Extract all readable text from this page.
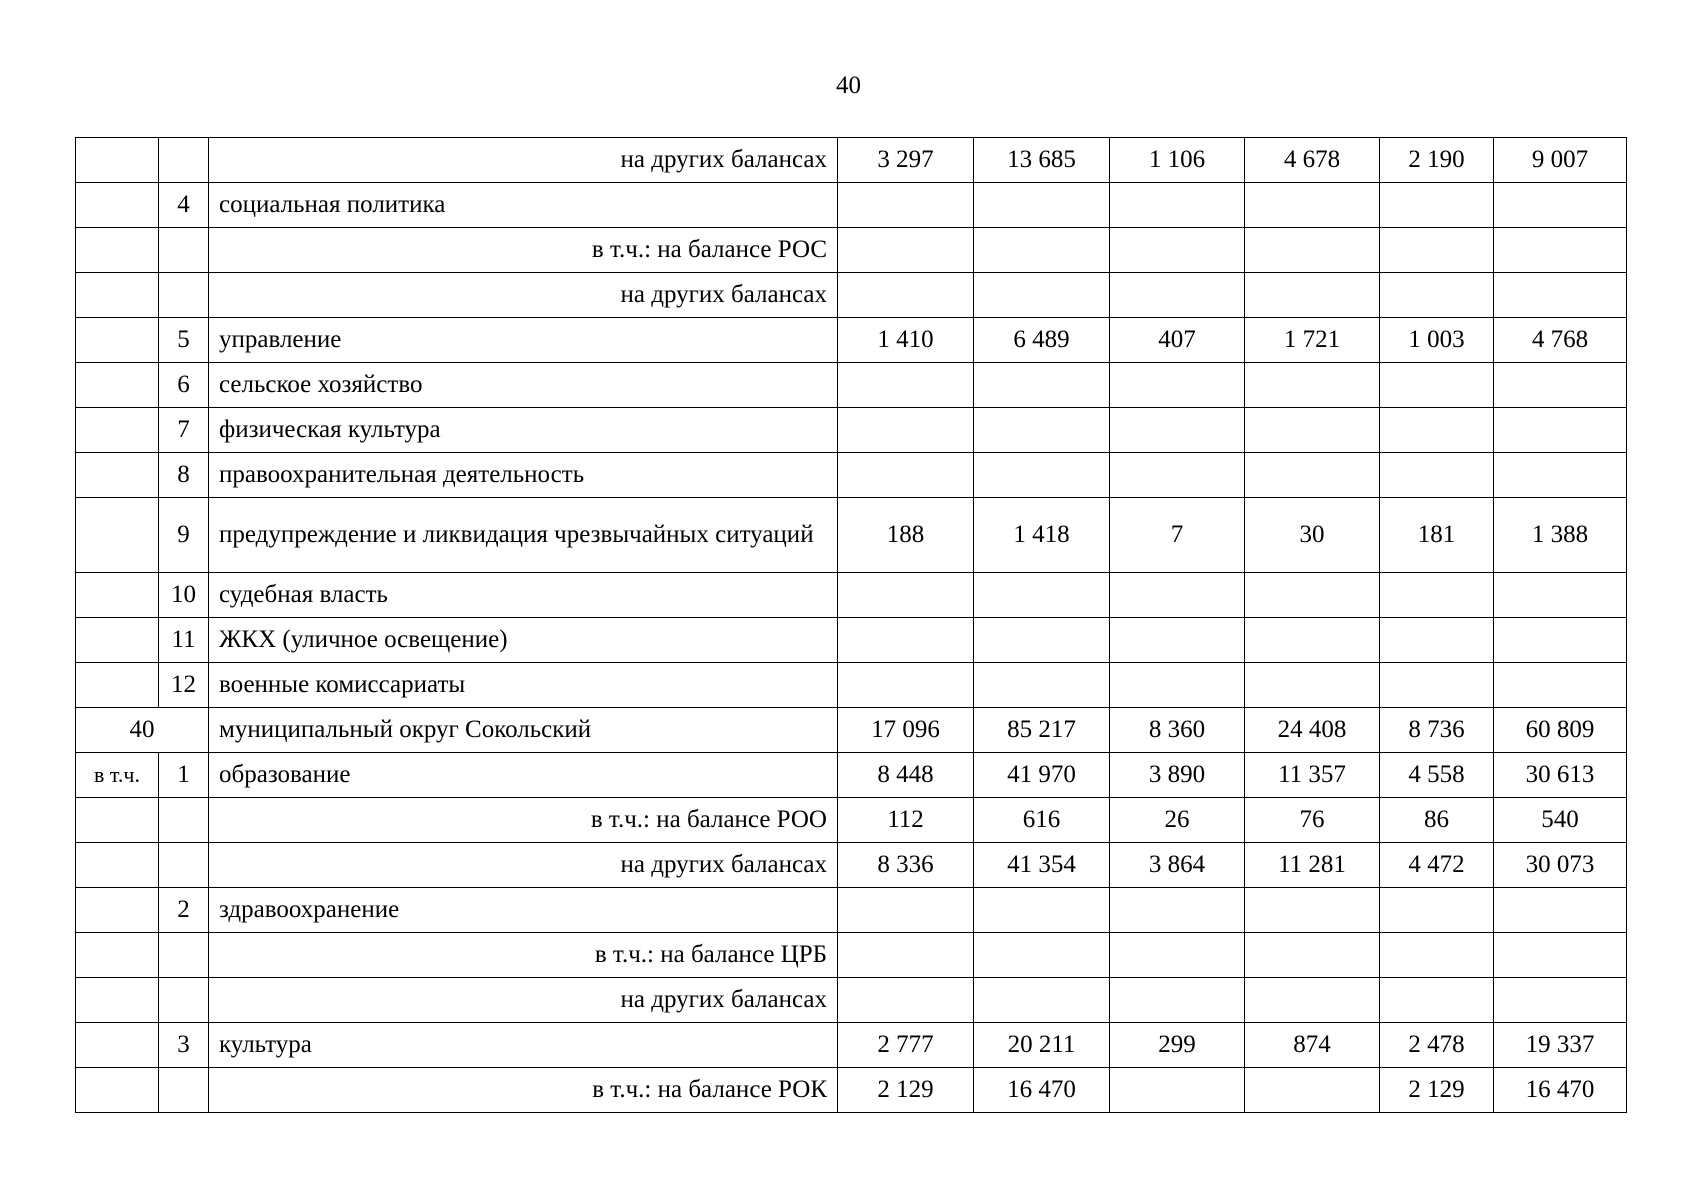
40
		на других балансах	3 297	13 685	1 106	4 678	2 190	9 007
	4	социальная политика						
		в т.ч.: на балансе РОС						
		на других балансах						
	5	управление	1 410	6 489	407	1 721	1 003	4 768
	6	сельское хозяйство						
	7	физическая культура						
	8	правоохранительная деятельность						
	9	предупреждение и ликвидация чрезвычайных ситуаций	188	1 418	7	30	181	1 388
	10	судебная власть						
	11	ЖКХ (уличное освещение)						
	12	военные комиссариаты						
40		муниципальный округ Сокольский	17 096	85 217	8 360	24 408	8 736	60 809
в т.ч.	1	образование	8 448	41 970	3 890	11 357	4 558	30 613
		в т.ч.: на балансе РОО	112	616	26	76	86	540
		на других балансах	8 336	41 354	3 864	11 281	4 472	30 073
	2	здравоохранение						
		в т.ч.: на балансе ЦРБ						
		на других балансах						
	3	культура	2 777	20 211	299	874	2 478	19 337
		в т.ч.: на балансе РОК	2 129	16 470			2 129	16 470
